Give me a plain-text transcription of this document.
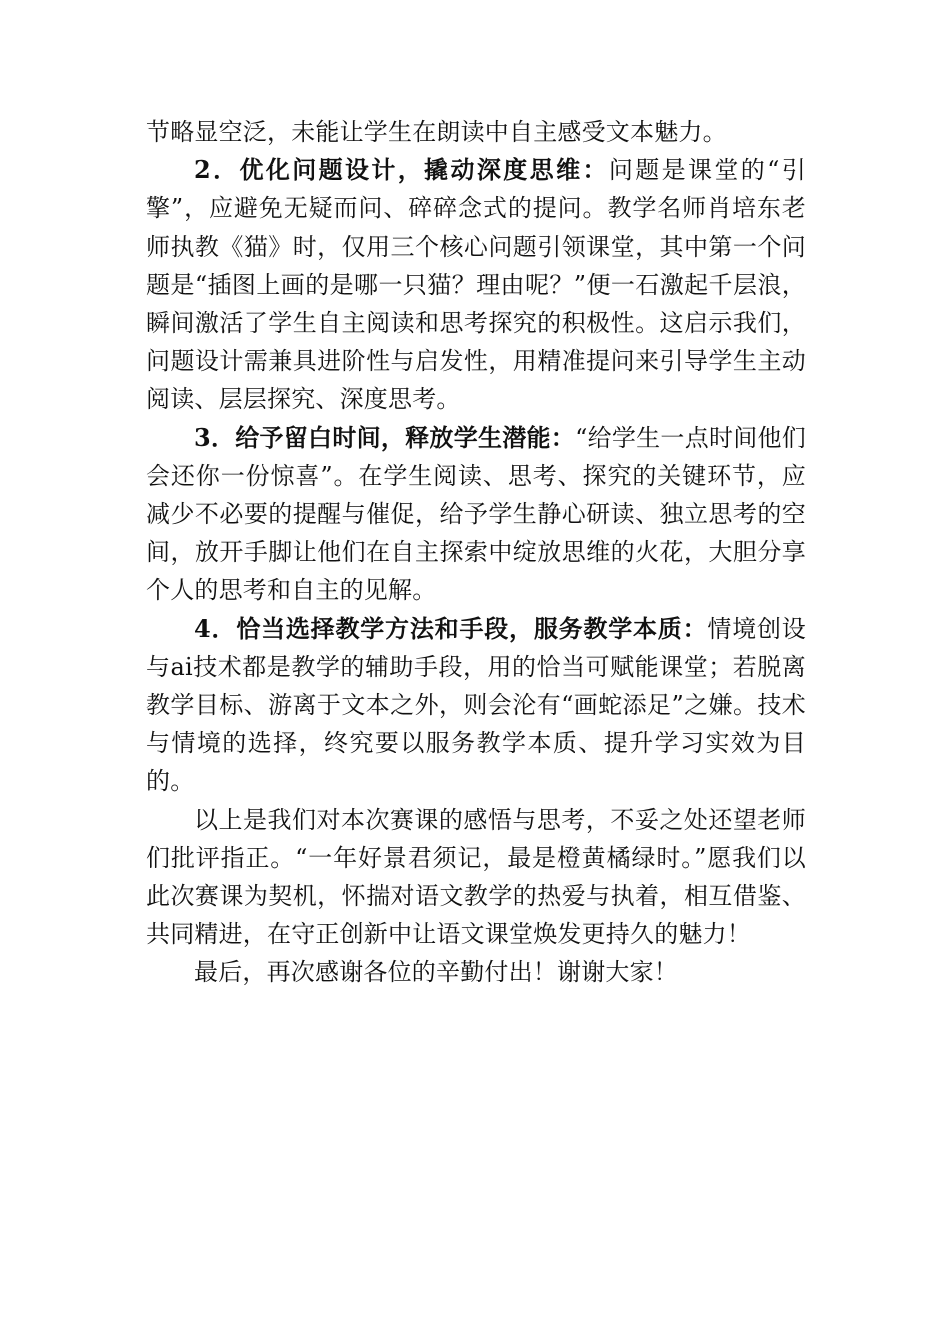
节略显空泛，未能让学生在朗读中自主感受文本魅力。

2．优化问题设计，撬动深度思维：问题是课堂的“引擎”，应避免无疑而问、碎碎念式的提问。教学名师肖培东老师执教《猫》时，仅用三个核心问题引领课堂，其中第一个问题是“插图上画的是哪一只猫？理由呢？”便一石激起千层浪，瞬间激活了学生自主阅读和思考探究的积极性。这启示我们，问题设计需兼具进阶性与启发性，用精准提问来引导学生主动阅读、层层探究、深度思考。

3．给予留白时间，释放学生潜能：“给学生一点时间他们会还你一份惊喜”。在学生阅读、思考、探究的关键环节，应减少不必要的提醒与催促，给予学生静心研读、独立思考的空间，放开手脚让他们在自主探索中绽放思维的火花，大胆分享个人的思考和自主的见解。

4．恰当选择教学方法和手段，服务教学本质：情境创设与ai技术都是教学的辅助手段，用的恰当可赋能课堂；若脱离教学目标、游离于文本之外，则会沦有“画蛇添足”之嫌。技术与情境的选择，终究要以服务教学本质、提升学习实效为目的。

以上是我们对本次赛课的感悟与思考，不妥之处还望老师们批评指正。“一年好景君须记，最是橙黄橘绿时。”愿我们以此次赛课为契机，怀揣对语文教学的热爱与执着，相互借鉴、共同精进，在守正创新中让语文课堂焕发更持久的魅力！

最后，再次感谢各位的辛勤付出！谢谢大家！
